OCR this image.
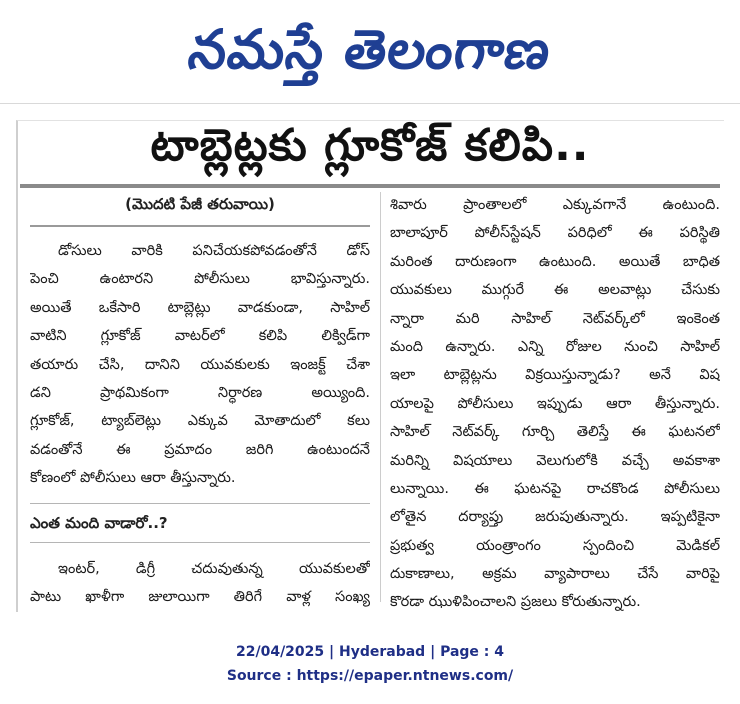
నమస్తే తెలంగాణ
టాబ్లెట్లకు గ్లూకోజ్ కలిపి..
(మొదటి పేజీ తరువాయి)
డోసులు వారికి పనిచేయకపోవడంతోనే డోస్
పెంచి ఉంటారని పోలీసులు భావిస్తున్నారు.
అయితే ఒకేసారి టాబ్లెట్లు వాడకుండా, సాహిల్
వాటిని గ్లూకోజ్ వాటర్‌లో కలిపి లిక్విడ్‌గా
తయారు చేసి, దానిని యువకులకు ఇంజక్ట్ చేశా
డని ప్రాథమికంగా నిర్ధారణ అయ్యింది.
గ్లూకోజ్, ట్యాబ్‌లెట్లు ఎక్కువ మోతాదులో కలు
వడంతోనే ఈ ప్రమాదం జరిగి ఉంటుందనే
కోణంలో పోలీసులు ఆరా తీస్తున్నారు.
ఎంత మంది వాడారో..?
ఇంటర్, డిగ్రీ చదువుతున్న యువకులతో
పాటు ఖాళీగా జులాయిగా తిరిగే వాళ్ల సంఖ్య
శివారు ప్రాంతాలలో ఎక్కువగానే ఉంటుంది.
బాలాపూర్ పోలీస్‌స్టేషన్ పరిధిలో ఈ పరిస్థితి
మరింత దారుణంగా ఉంటుంది. అయితే బాధిత
యువకులు ముగ్గురే ఈ అలవాట్లు చేసుకు
న్నారా మరి సాహిల్ నెట్‌వర్క్‌లో ఇంకెంత
మంది ఉన్నారు. ఎన్ని రోజుల నుంచి సాహిల్
ఇలా టాబ్లెట్లను విక్రయిస్తున్నాడు? అనే విష
యాలపై పోలీసులు ఇప్పుడు ఆరా తీస్తున్నారు.
సాహిల్ నెట్‌వర్క్ గూర్చి తెలిస్తే ఈ ఘటనలో
మరిన్ని విషయాలు వెలుగులోకి వచ్చే అవకాశా
లున్నాయి. ఈ ఘటనపై రాచకొండ పోలీసులు
లోతైన దర్యాప్తు జరుపుతున్నారు. ఇప్పటికైనా
ప్రభుత్వ యంత్రాంగం స్పందించి మెడికల్
దుకాణాలు, అక్రమ వ్యాపారాలు చేసే వారిపై
కొరడా ఝుళిపించాలని ప్రజలు కోరుతున్నారు.
22/04/2025 | Hyderabad | Page : 4
Source : https://epaper.ntnews.com/
